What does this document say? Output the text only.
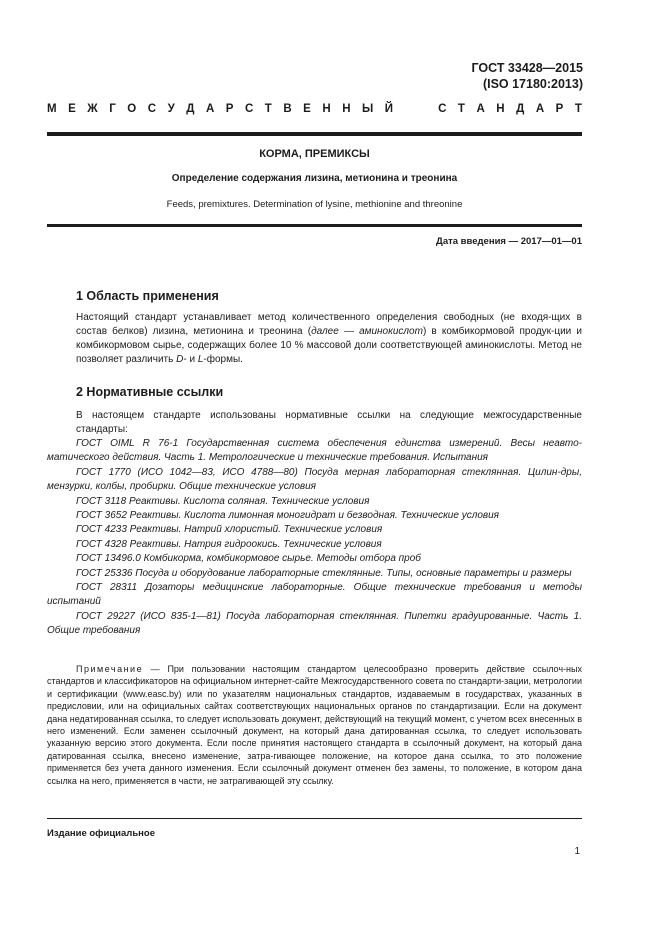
ГОСТ 33428—2015
(ISO 17180:2013)
М Е Ж Г О С У Д А Р С Т В Е Н Н Ы Й	С Т А Н Д А Р Т
КОРМА, ПРЕМИКСЫ
Определение содержания лизина, метионина и треонина
Feeds, premixtures. Determination of lysine, methionine and threonine
Дата введения — 2017—01—01
1 Область применения

Настоящий стандарт устанавливает метод количественного определения свободных (не входя-щих в состав белков) лизина, метионина и треонина (далее — аминокислот) в комбикормовой продук-ции и комбикормовом сырье, содержащих более 10 % массовой доли соответствующей аминокислоты. Метод не позволяет различить D- и L-формы.

2 Нормативные ссылки

В настоящем стандарте использованы нормативные ссылки на следующие межгосударственные стандарты:

ГОСТ OIML R 76-1 Государственная система обеспечения единства измерений. Весы неавто-матического действия. Часть 1. Метрологические и технические требования. Испытания

ГОСТ 1770 (ИСО 1042—83, ИСО 4788—80) Посуда мерная лабораторная стеклянная. Цилин-дры, мензурки, колбы, пробирки. Общие технические условия

ГОСТ 3118 Реактивы. Кислота соляная. Технические условия

ГОСТ 3652 Реактивы. Кислота лимонная моногидрат и безводная. Технические условия

ГОСТ 4233 Реактивы. Натрий хлористый. Технические условия

ГОСТ 4328 Реактивы. Натрия гидроокись. Технические условия

ГОСТ 13496.0 Комбикорма, комбикормовое сырье. Методы отбора проб

ГОСТ 25336 Посуда и оборудование лабораторные стеклянные. Типы, основные параметры и размеры

ГОСТ 28311 Дозаторы медицинские лабораторные. Общие технические требования и методы испытаний

ГОСТ 29227 (ИСО 835-1—81) Посуда лабораторная стеклянная. Пипетки градуированные. Часть 1. Общие требования

Примечание — При пользовании настоящим стандартом целесообразно проверить действие ссылоч-ных стандартов и классификаторов на официальном интернет-сайте Межгосударственного совета по стандарти-зации, метрологии и сертификации (www.easc.by) или по указателям национальных стандартов, издаваемым в государствах, указанных в предисловии, или на официальных сайтах соответствующих национальных органов по стандартизации. Если на документ дана недатированная ссылка, то следует использовать документ, действующий на текущий момент, с учетом всех внесенных в него изменений. Если заменен ссылочный документ, на который дана датированная ссылка, то следует использовать указанную версию этого документа. Если после принятия настоящего стандарта в ссылочный документ, на который дана датированная ссылка, внесено изменение, затра-гивающее положение, на которое дана ссылка, то это положение применяется без учета данного изменения. Если ссылочный документ отменен без замены, то положение, в котором дана ссылка на него, применяется в части, не затрагивающей эту ссылку.

Издание официальное
1
